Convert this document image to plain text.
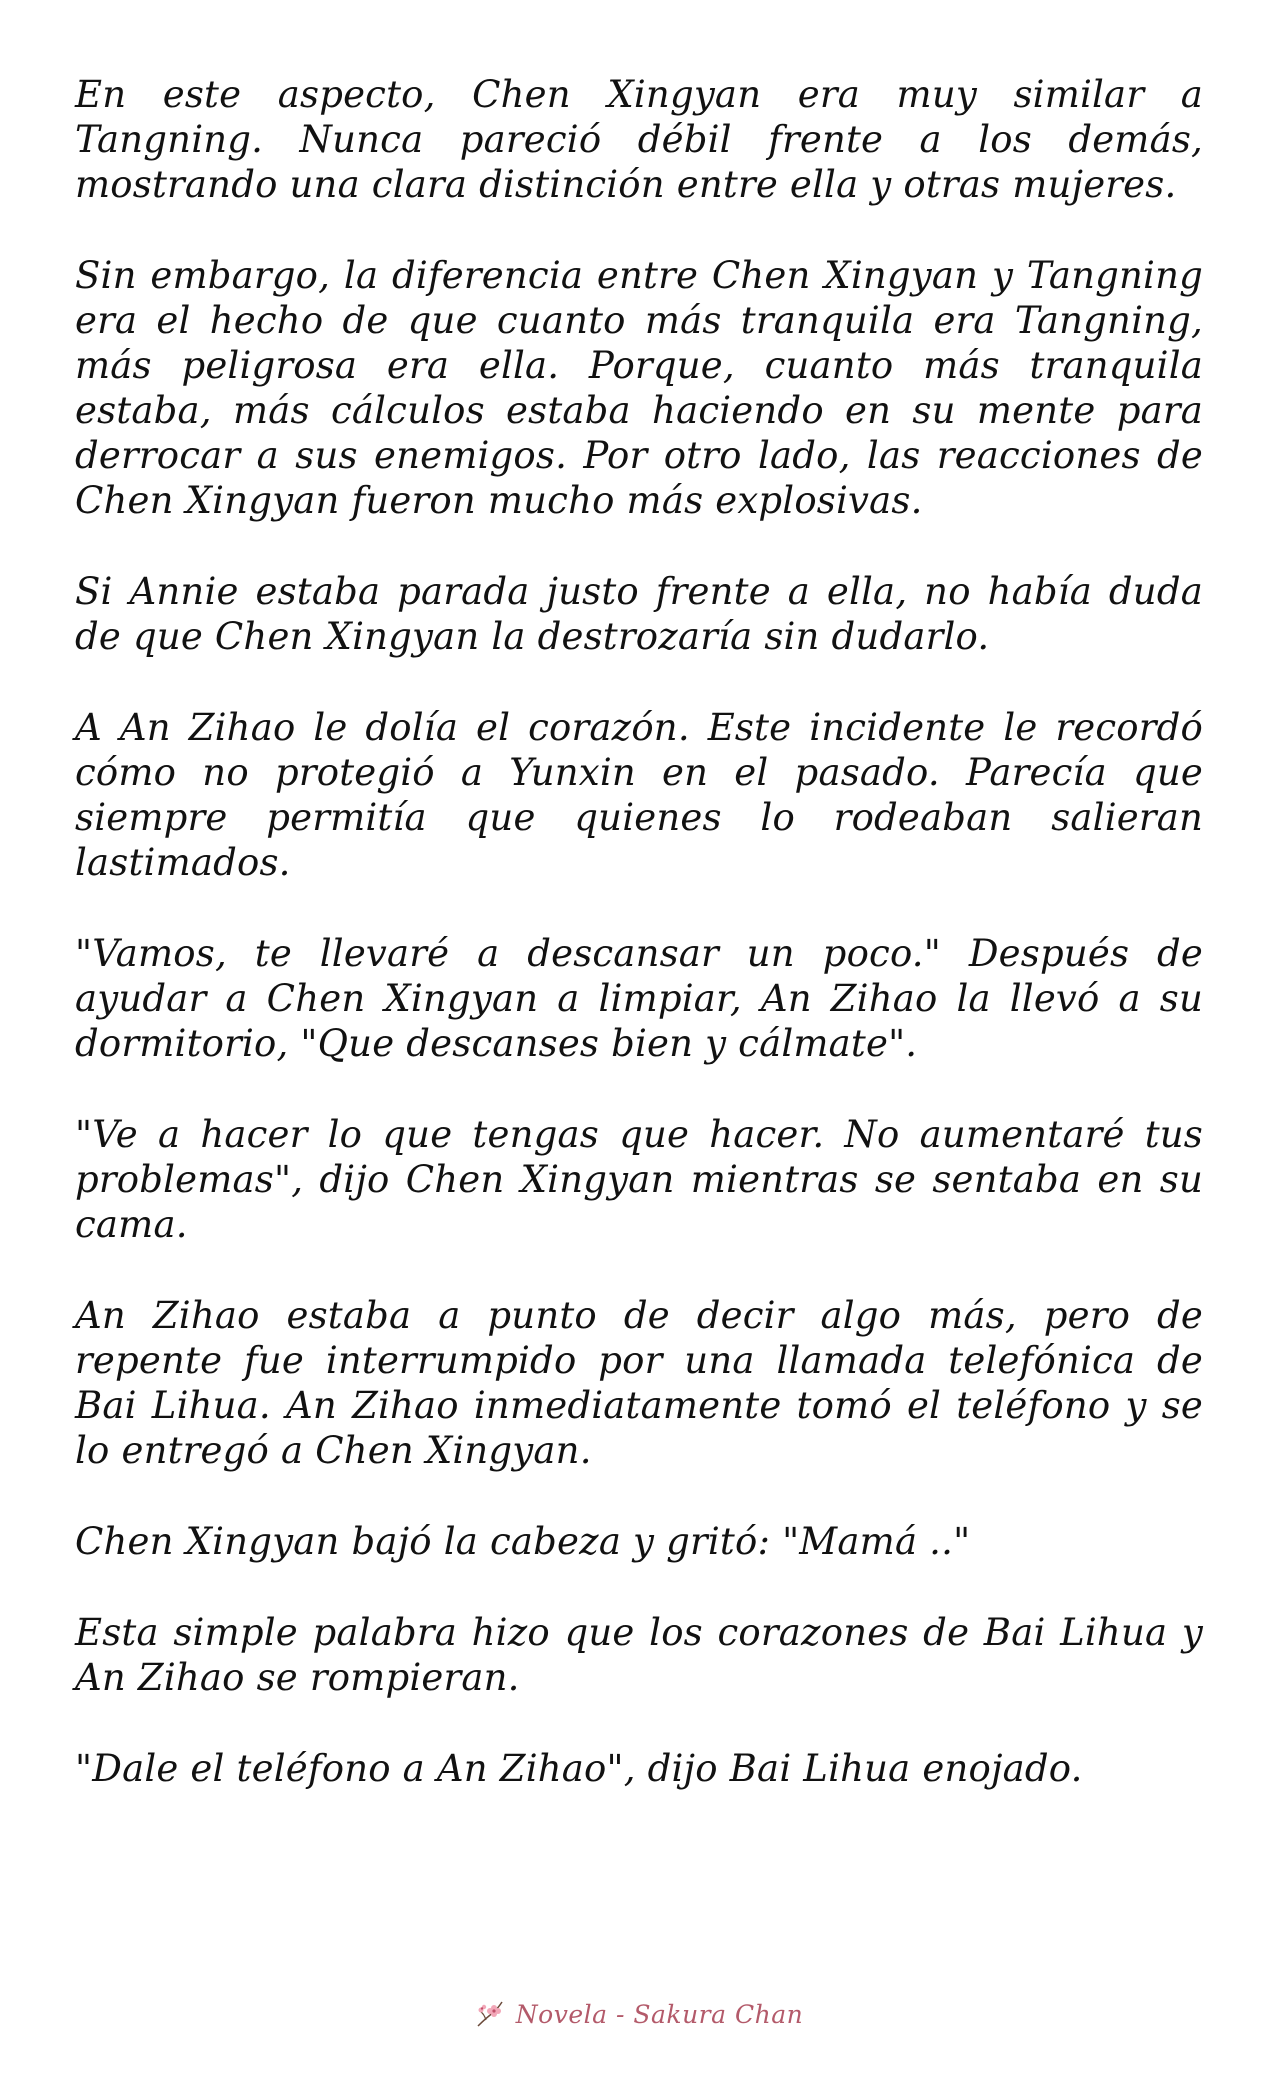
En este aspecto, Chen Xingyan era muy similar a Tangning. Nunca pareció débil frente a los demás, mostrando una clara distinción entre ella y otras mujeres.

Sin embargo, la diferencia entre Chen Xingyan y Tangning era el hecho de que cuanto más tranquila era Tangning, más peligrosa era ella. Porque, cuanto más tranquila estaba, más cálculos estaba haciendo en su mente para derrocar a sus enemigos. Por otro lado, las reacciones de Chen Xingyan fueron mucho más explosivas.

Si Annie estaba parada justo frente a ella, no había duda de que Chen Xingyan la destrozaría sin dudarlo.

A An Zihao le dolía el corazón. Este incidente le recordó cómo no protegió a Yunxin en el pasado. Parecía que siempre permitía que quienes lo rodeaban salieran lastimados.

"Vamos, te llevaré a descansar un poco." Después de ayudar a Chen Xingyan a limpiar, An Zihao la llevó a su dormitorio, "Que descanses bien y cálmate".

"Ve a hacer lo que tengas que hacer. No aumentaré tus problemas", dijo Chen Xingyan mientras se sentaba en su cama.

An Zihao estaba a punto de decir algo más, pero de repente fue interrumpido por una llamada telefónica de Bai Lihua. An Zihao inmediatamente tomó el teléfono y se lo entregó a Chen Xingyan.

Chen Xingyan bajó la cabeza y gritó: "Mamá .."

Esta simple palabra hizo que los corazones de Bai Lihua y An Zihao se rompieran.

"Dale el teléfono a An Zihao", dijo Bai Lihua enojado.

Novela - Sakura Chan
